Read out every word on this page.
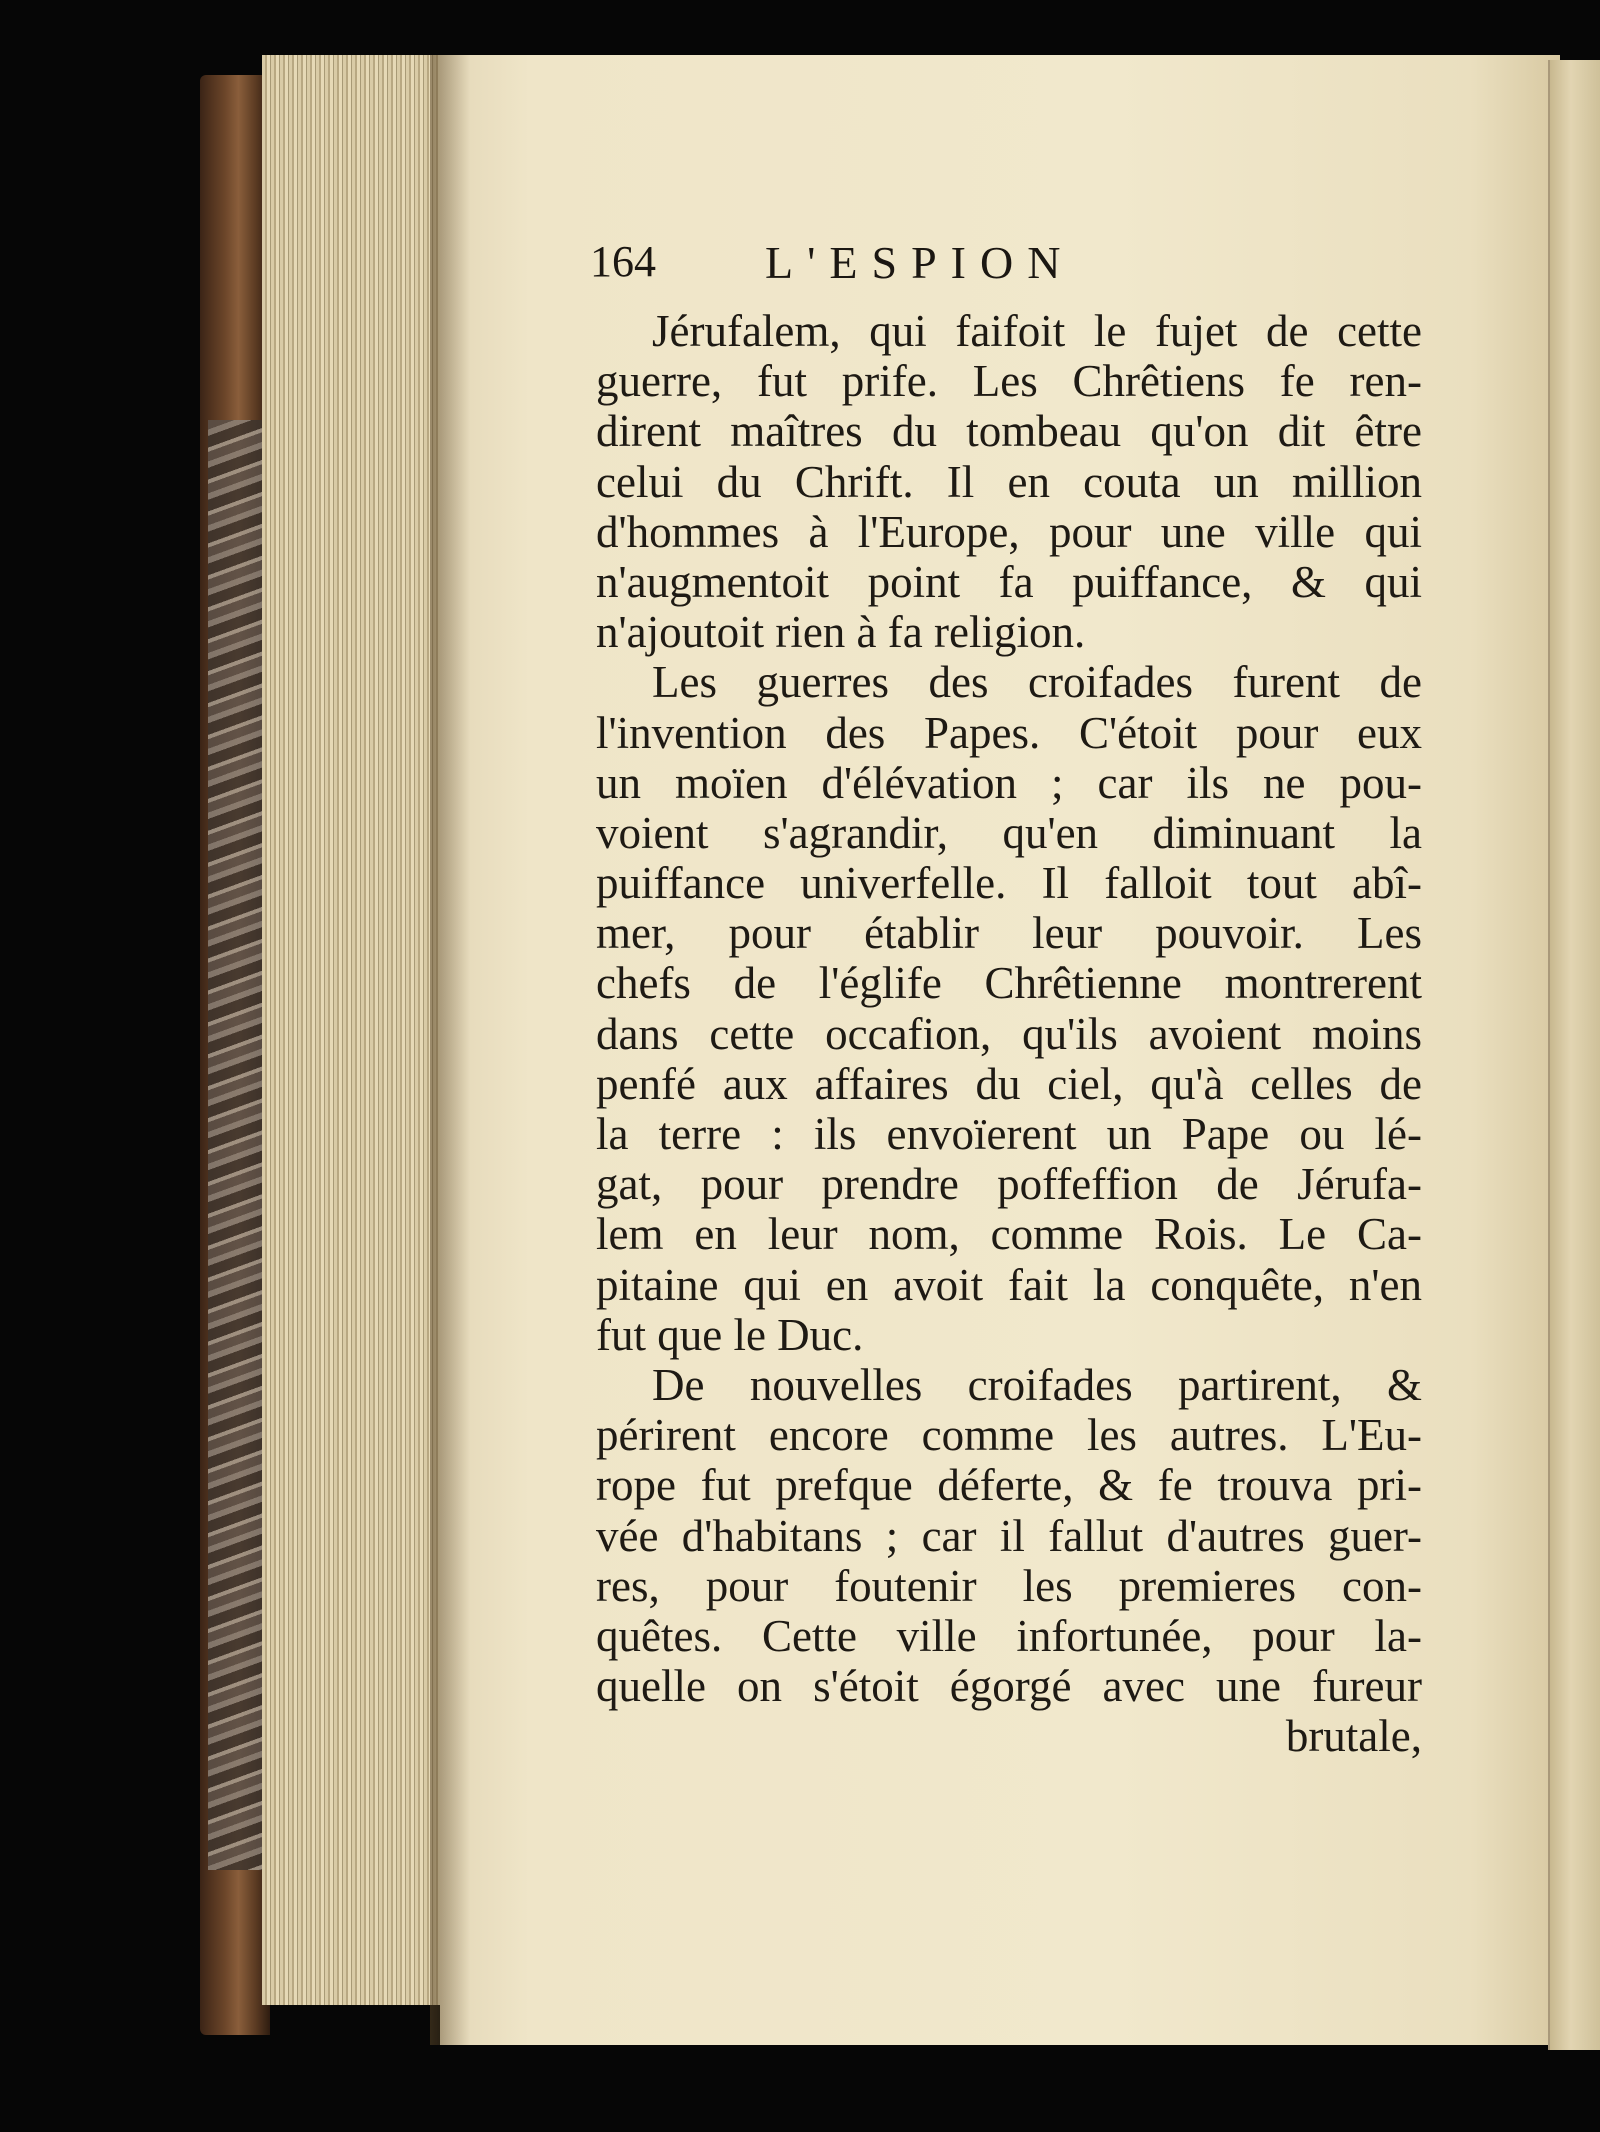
164 L'ESPION
Jérufalem, qui faifoit le fujet de cette
guerre, fut prife. Les Chrêtiens fe ren-
dirent maîtres du tombeau qu'on dit être
celui du Chrift. Il en couta un million
d'hommes à l'Europe, pour une ville qui
n'augmentoit point fa puiffance, & qui
n'ajoutoit rien à fa religion.
Les guerres des croifades furent de
l'invention des Papes. C'étoit pour eux
un moïen d'élévation ; car ils ne pou-
voient s'agrandir, qu'en diminuant la
puiffance univerfelle. Il falloit tout abî-
mer, pour établir leur pouvoir. Les
chefs de l'églife Chrêtienne montrerent
dans cette occafion, qu'ils avoient moins
penfé aux affaires du ciel, qu'à celles de
la terre : ils envoïerent un Pape ou lé-
gat, pour prendre poffeffion de Jérufa-
lem en leur nom, comme Rois. Le Ca-
pitaine qui en avoit fait la conquête, n'en
fut que le Duc.
De nouvelles croifades partirent, &
périrent encore comme les autres. L'Eu-
rope fut prefque déferte, & fe trouva pri-
vée d'habitans ; car il fallut d'autres guer-
res, pour foutenir les premieres con-
quêtes. Cette ville infortunée, pour la-
quelle on s'étoit égorgé avec une fureur
brutale,
